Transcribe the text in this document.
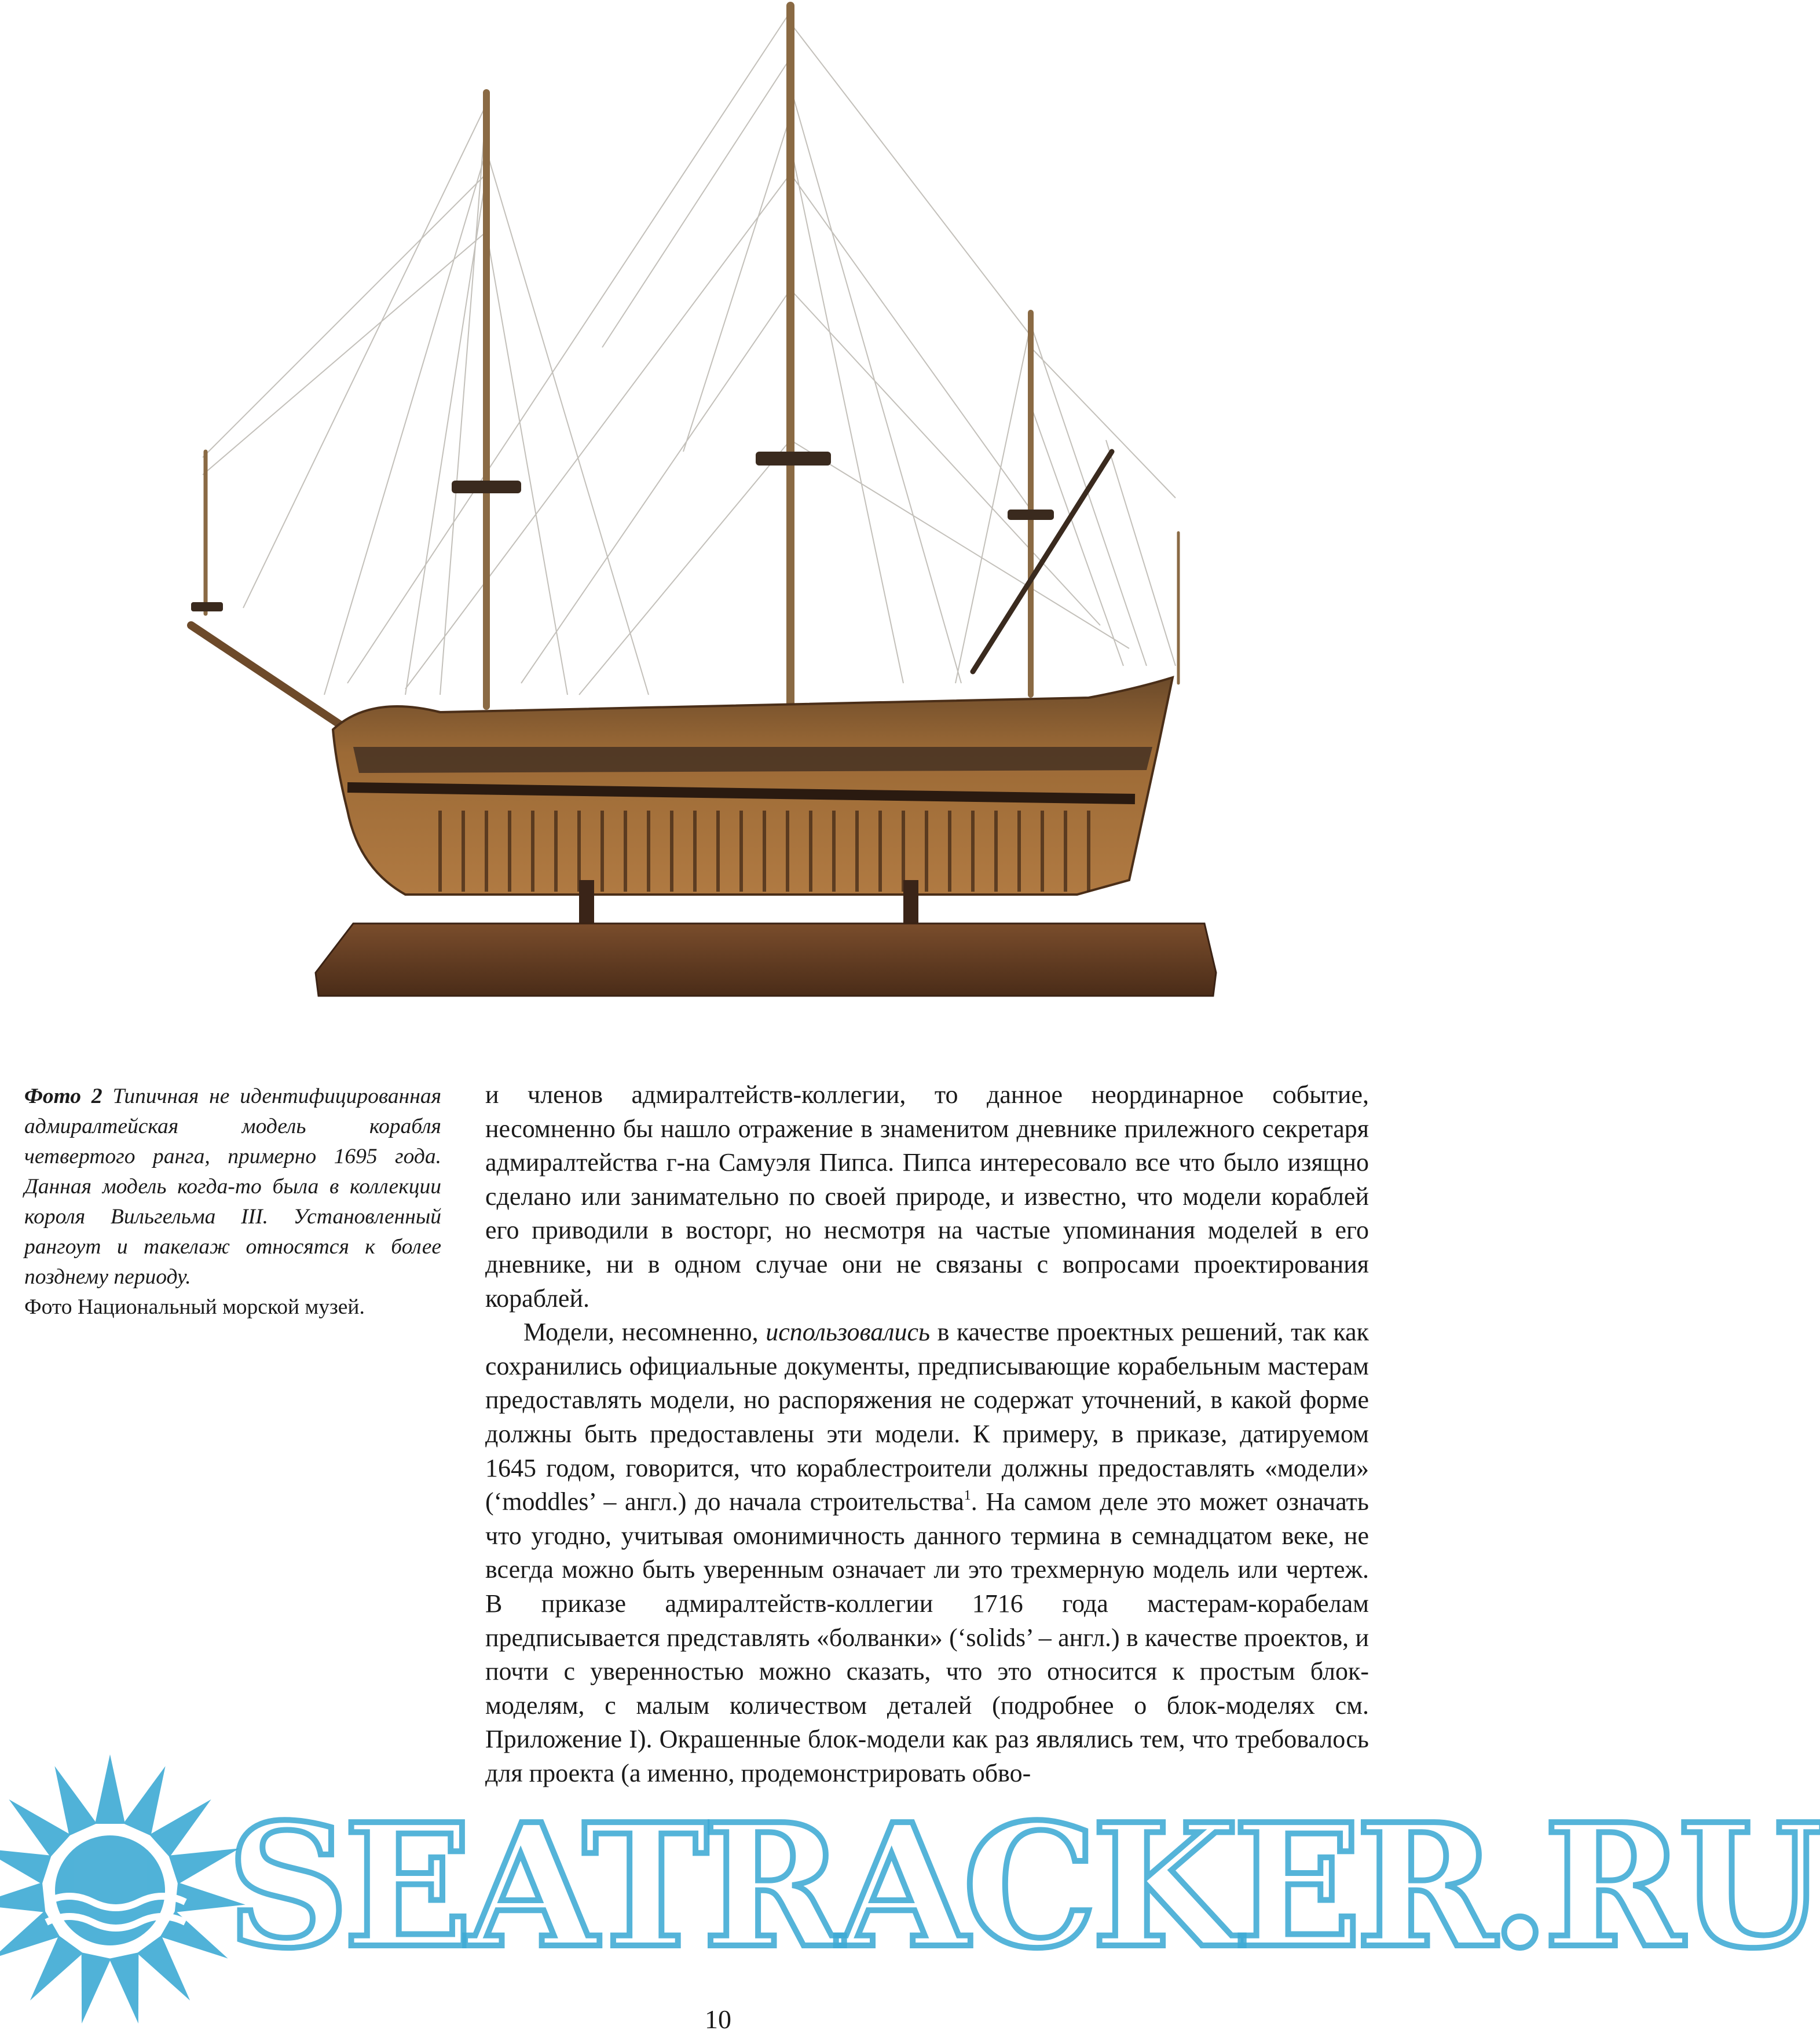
Фото 2 Типичная не идентифицированная адмиралтейская модель корабля четвертого ранга, примерно 1695 года. Данная модель когда-то была в коллекции короля Вильгельма III. Установленный рангоут и такелаж относятся к более позднему периоду.
Фото Национальный морской музей.

и членов адмиралтейств-коллегии, то данное неординарное событие, несомненно бы нашло отражение в знаменитом дневнике прилежного секретаря адмиралтейства г-на Самуэля Пипса. Пипса интересовало все что было изящно сделано или занимательно по своей природе, и известно, что модели кораблей его приводили в восторг, но несмотря на частые упоминания моделей в его дневнике, ни в одном случае они не связаны с вопросами проектирования кораблей.

Модели, несомненно, использовались в качестве проектных решений, так как сохранились официальные документы, предписывающие корабельным мастерам предоставлять модели, но распоряжения не содержат уточнений, в какой форме должны быть предоставлены эти модели. К примеру, в приказе, датируемом 1645 годом, говорится, что кораблестроители должны предоставлять «модели» (‘moddles’ – англ.) до начала строительства$^1$. На самом деле это может означать что угодно, учитывая омонимичность данного термина в семнадцатом веке, не всегда можно быть уверенным означает ли это трехмерную модель или чертеж. В приказе адмиралтейств-коллегии 1716 года мастерам-корабелам предписывается представлять «болванки» (‘solids’ – англ.) в качестве проектов, и почти с уверенностью можно сказать, что это относится к простым блок-моделям, с малым количеством деталей (подробнее о блок-моделях см. Приложение I). Окрашенные блок-модели как раз являлись тем, что требовалось для проекта (а именно, продемонстрировать обво-

SEATRACKER.RU
10
